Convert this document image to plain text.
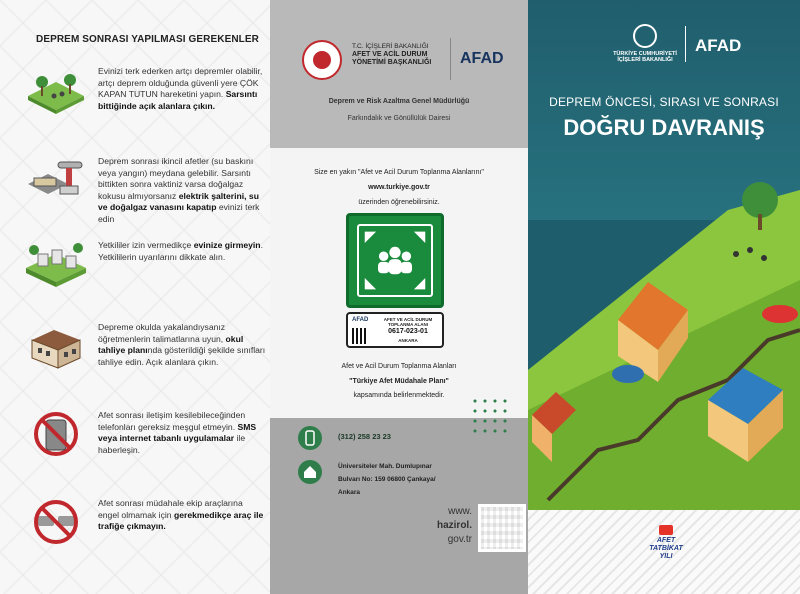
DEPREM SONRASI YAPILMASI GEREKENLER

Evinizi terk ederken artçı depremler olabilir, artçı deprem olduğunda güvenli yere ÇÖK KAPAN TUTUN hareketini yapın. Sarsıntı bittiğinde açık alanlara çıkın.

Deprem sonrası ikincil afetler (su baskını veya yangın) meydana gelebilir. Sarsıntı bittikten sonra vaktiniz varsa doğalgaz kokusu almıyorsanız elektrik şalterini, su ve doğalgaz vanasını kapatıp evinizi terk edin

Yetkililer izin vermedikçe evinize girmeyin. Yetkililerin uyarılarını dikkate alın.

Depreme okulda yakalandıysanız öğretmenlerin talimatlarına uyun, okul tahliye planında gösterildiği şekilde sınıfları tahliye edin. Açık alanlara çıkın.

Afet sonrası iletişim kesilebileceğinden telefonları gereksiz meşgul etmeyin. SMS veya internet tabanlı uygulamalar ile haberleşin.

Afet sonrası müdahale ekip araçlarına engel olmamak için gerekmedikçe araç ile trafiğe çıkmayın.

T.C. İÇİŞLERİ BAKANLIĞI
AFET VE ACİL DURUM
YÖNETİMİ BAŞKANLIĞI	AFAD
Deprem ve Risk Azaltma Genel Müdürlüğü
Farkındalık ve Gönüllülük Dairesi
Size en yakın "Afet ve Acil Durum Toplanma Alanlarını"
www.turkiye.gov.tr
üzerinden öğrenebilirsiniz.
AFAD	AFET VE ACİL DURUM
TOPLANMA ALANI
0617-023-01
ANKARA
Afet ve Acil Durum Toplanma Alanları
"Türkiye Afet Müdahale Planı"
kapsamında belirlenmektedir.
(312) 258 23 23
Üniversiteler Mah. Dumlupınar
Bulvarı No: 159 06800 Çankaya/
Ankara
www.
hazirol.
gov.tr
TÜRKİYE CUMHURİYETİ
İÇİŞLERİ BAKANLIĞI
AFAD
DEPREM ÖNCESİ, SIRASI VE SONRASI
DOĞRU DAVRANIŞ
AFET
TATBİKAT
YILI
